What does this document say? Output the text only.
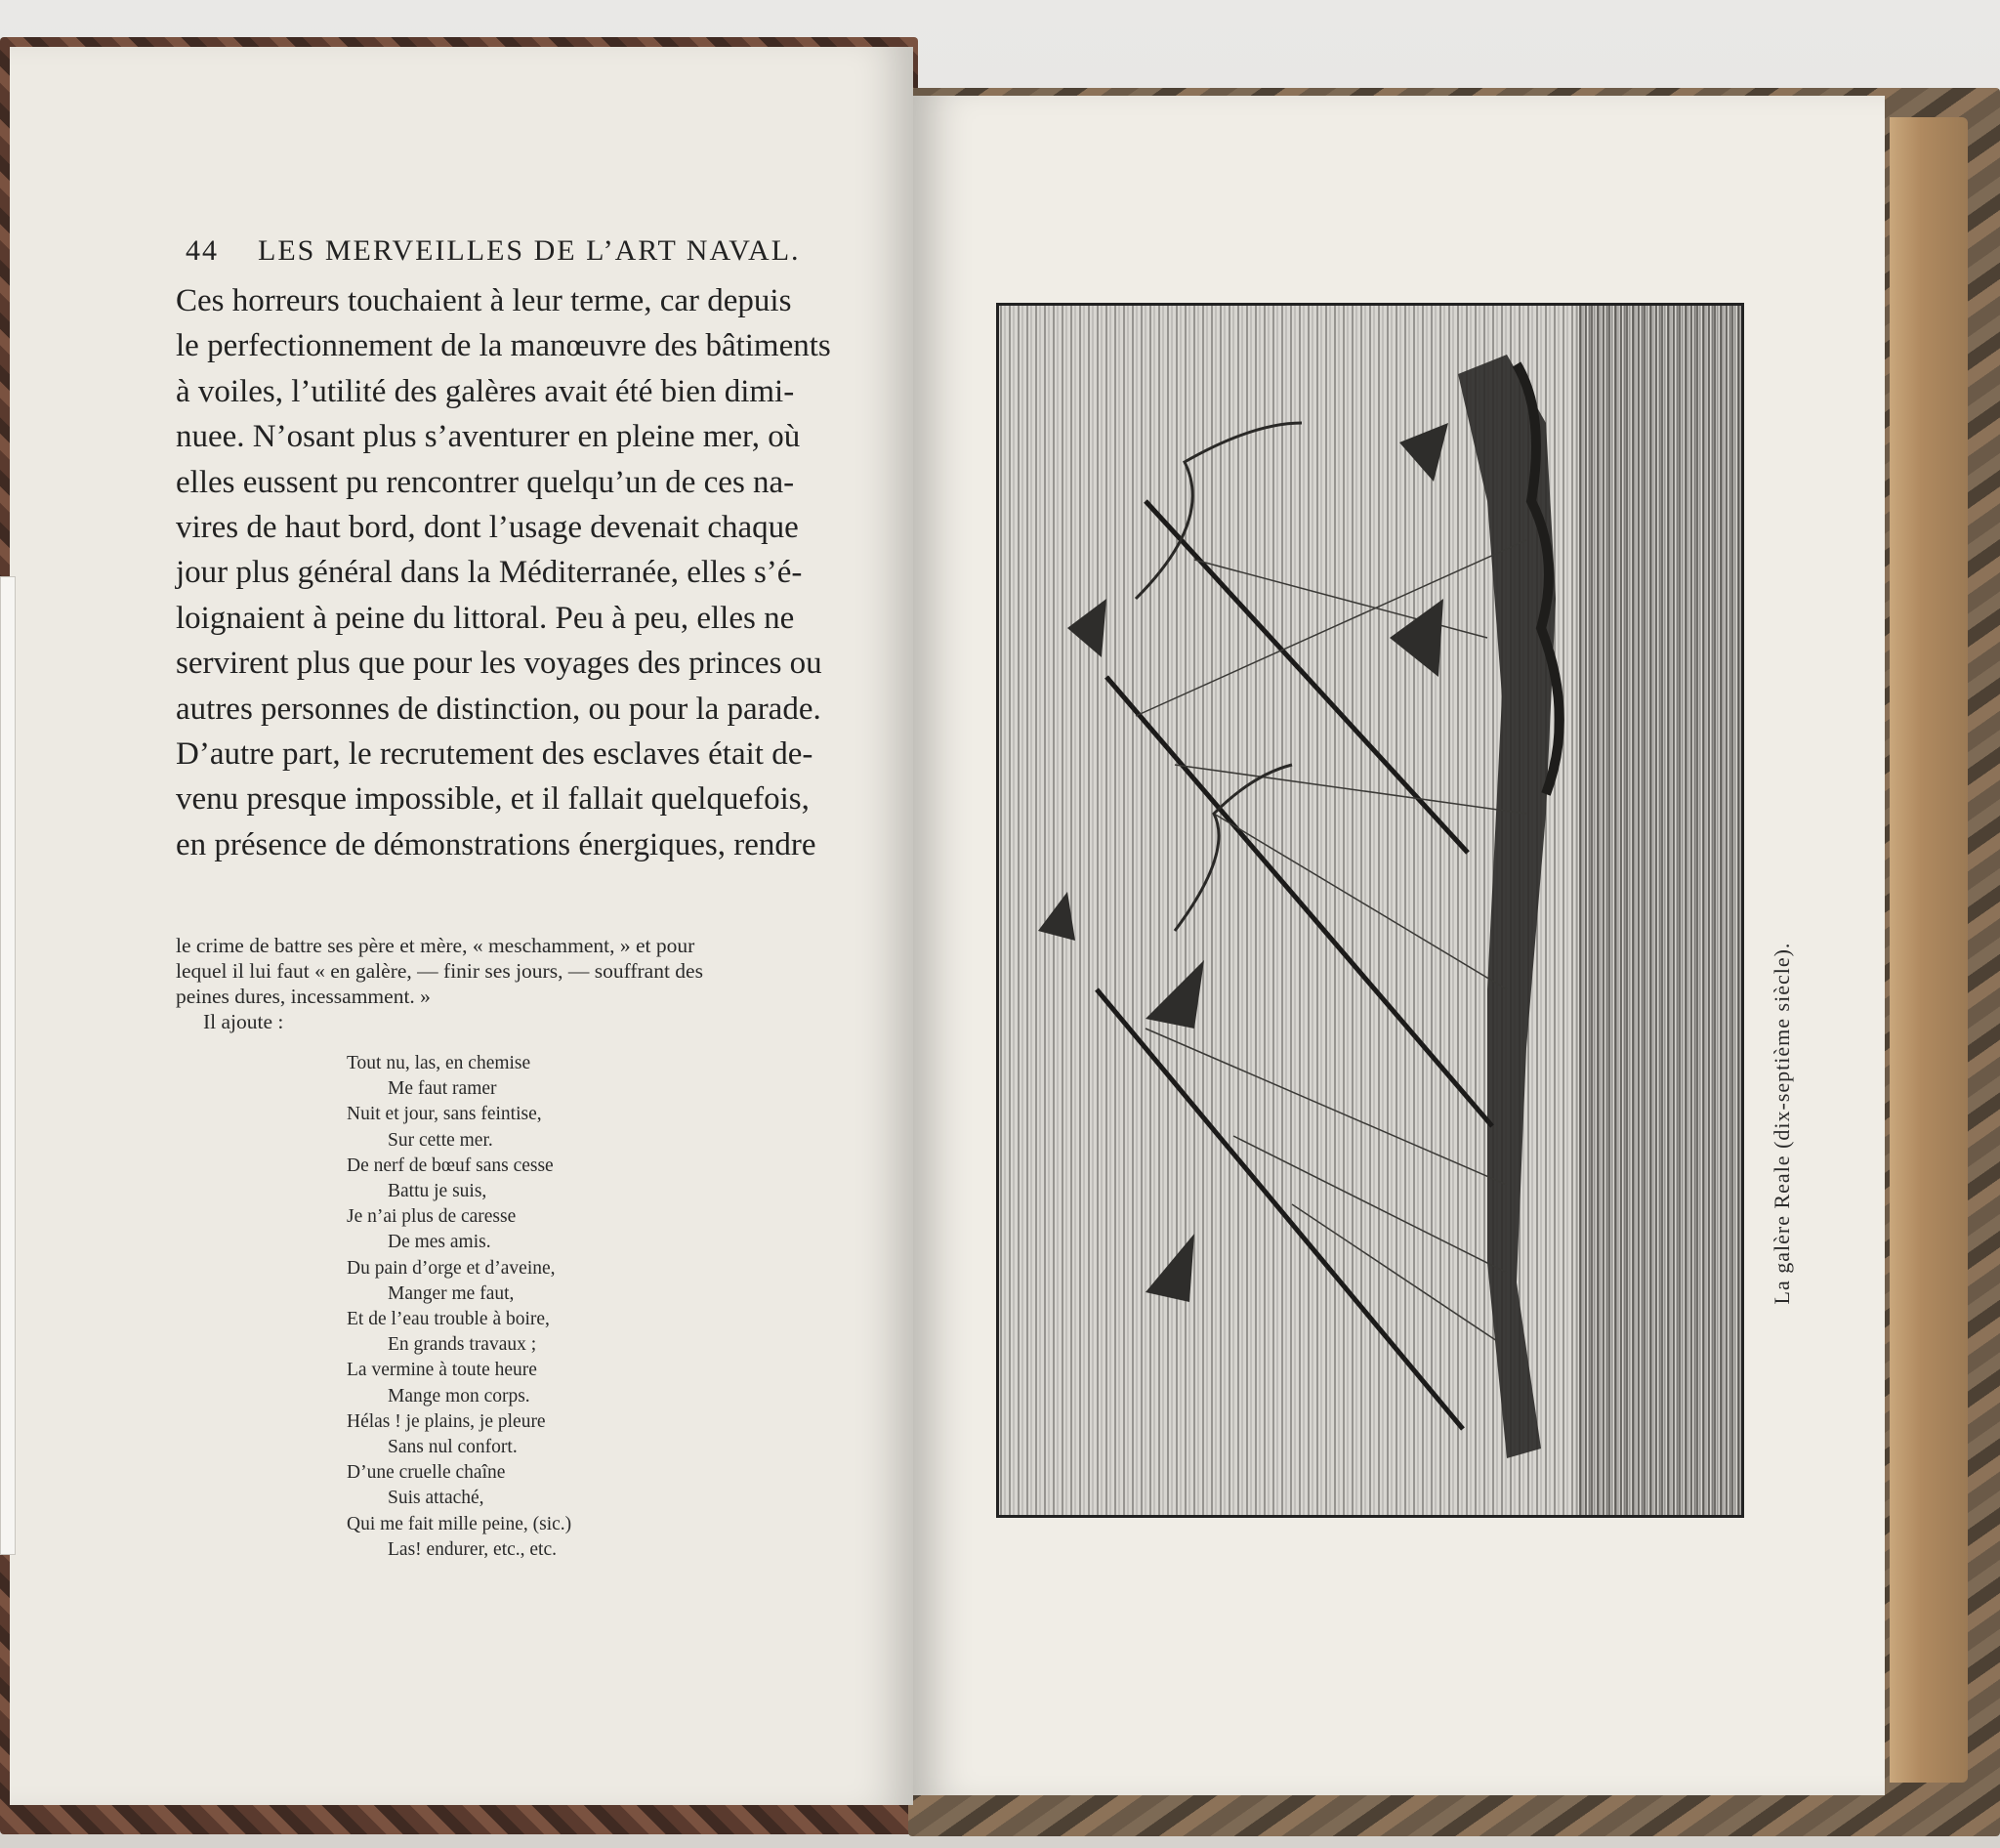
44 LES MERVEILLES DE L’ART NAVAL.

Ces horreurs touchaient à leur terme, car depuis
le perfectionnement de la manœuvre des bâtiments
à voiles, l’utilité des galères avait été bien dimi-
nuee. N’osant plus s’aventurer en pleine mer, où
elles eussent pu rencontrer quelqu’un de ces na-
vires de haut bord, dont l’usage devenait chaque
jour plus général dans la Méditerranée, elles s’é-
loignaient à peine du littoral. Peu à peu, elles ne
servirent plus que pour les voyages des princes ou
autres personnes de distinction, ou pour la parade.
D’autre part, le recrutement des esclaves était de-
venu presque impossible, et il fallait quelquefois,
en présence de démonstrations énergiques, rendre

le crime de battre ses père et mère, « meschamment, » et pour
lequel il lui faut « en galère, — finir ses jours, — souffrant des
peines dures, incessamment. »
Il ajoute :

Tout nu, las, en chemise
Me faut ramer
Nuit et jour, sans feintise,
Sur cette mer.
De nerf de bœuf sans cesse
Battu je suis,
Je n’ai plus de caresse
De mes amis.
Du pain d’orge et d’aveine,
Manger me faut,
Et de l’eau trouble à boire,
En grands travaux ;
La vermine à toute heure
Mange mon corps.
Hélas ! je plains, je pleure
Sans nul confort.
D’une cruelle chaîne
Suis attaché,
Qui me fait mille peine, (sic.)
Las! endurer, etc., etc.

La galère Reale (dix-septième siècle).
